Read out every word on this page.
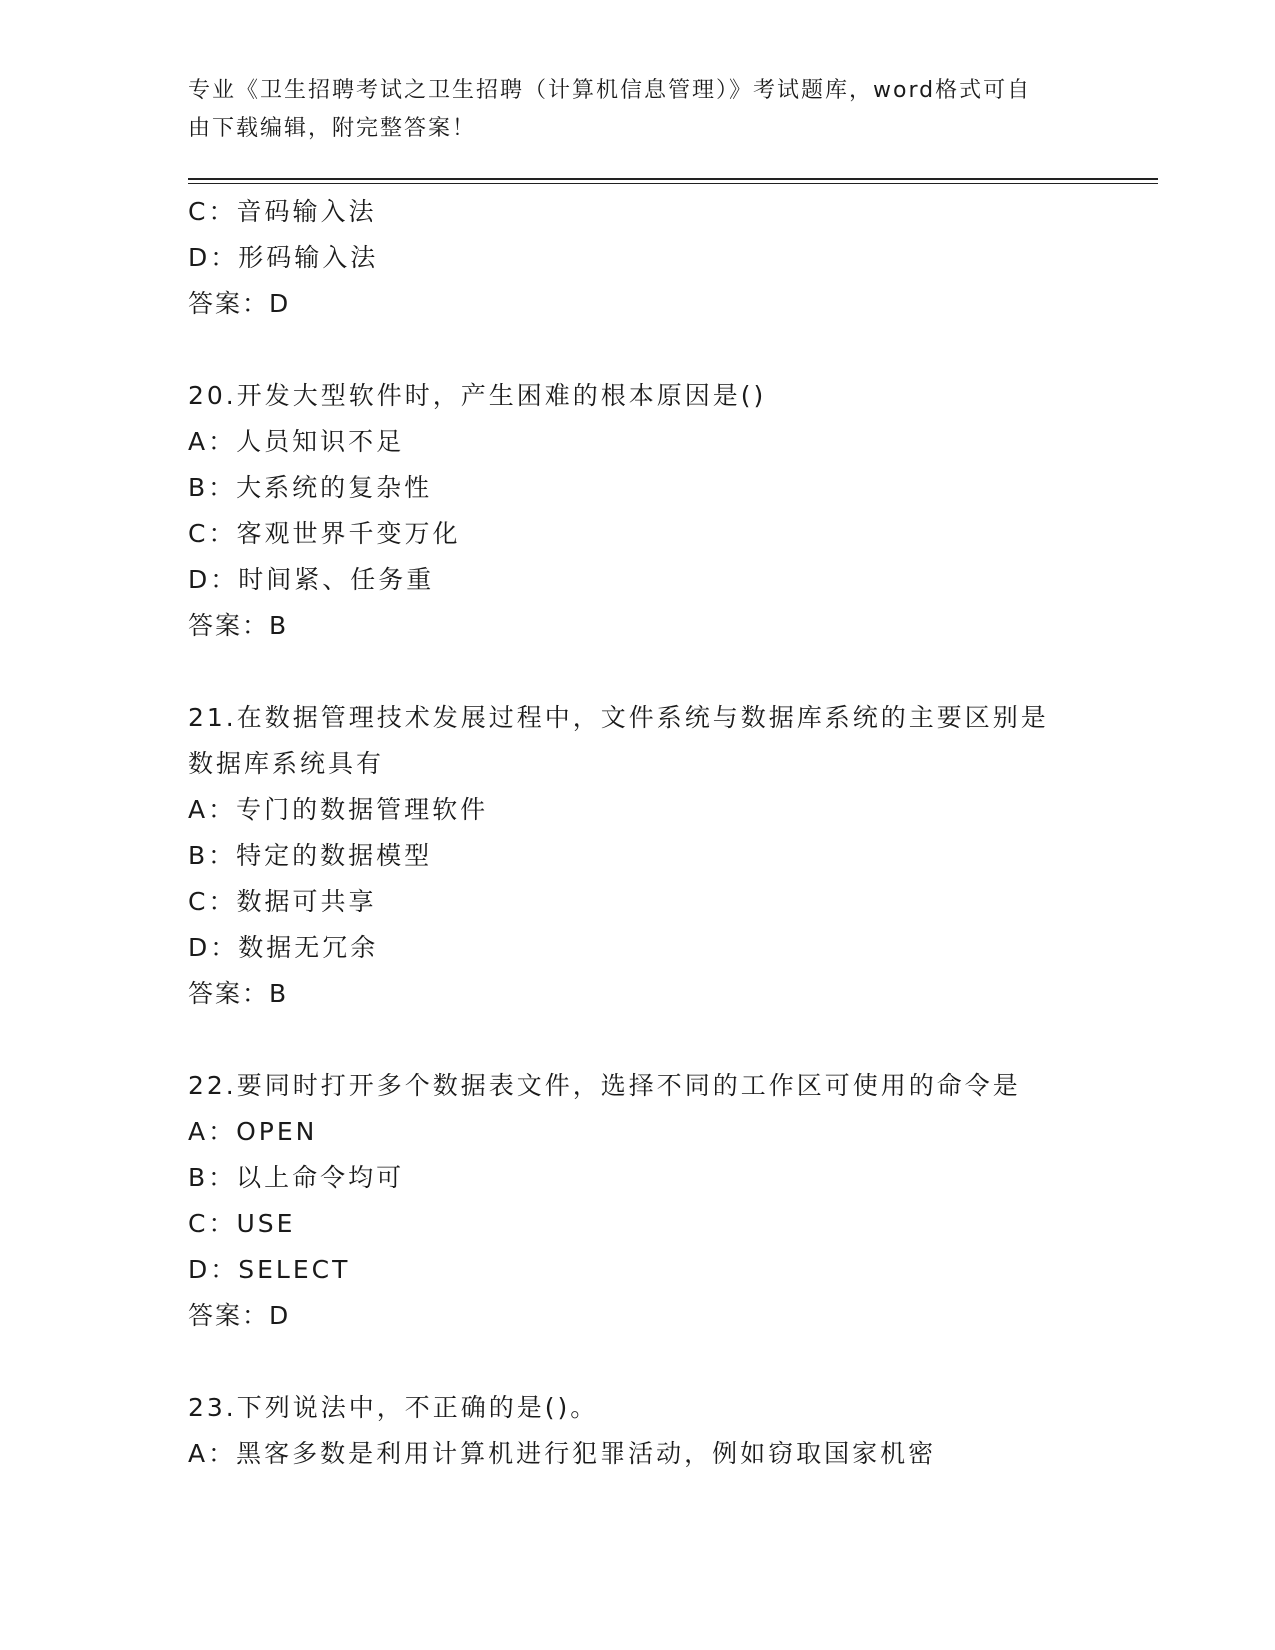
专业《卫生招聘考试之卫生招聘（计算机信息管理）》考试题库，word格式可自
由下载编辑，附完整答案！
C：音码输入法
D：形码输入法
答案：D
20.开发大型软件时，产生困难的根本原因是()
A：人员知识不足
B：大系统的复杂性
C：客观世界千变万化
D：时间紧、任务重
答案：B
21.在数据管理技术发展过程中，文件系统与数据库系统的主要区别是
数据库系统具有
A：专门的数据管理软件
B：特定的数据模型
C：数据可共享
D：数据无冗余
答案：B
22.要同时打开多个数据表文件，选择不同的工作区可使用的命令是
A：OPEN
B：以上命令均可
C：USE
D：SELECT
答案：D
23.下列说法中，不正确的是()。
A：黑客多数是利用计算机进行犯罪活动，例如窃取国家机密
